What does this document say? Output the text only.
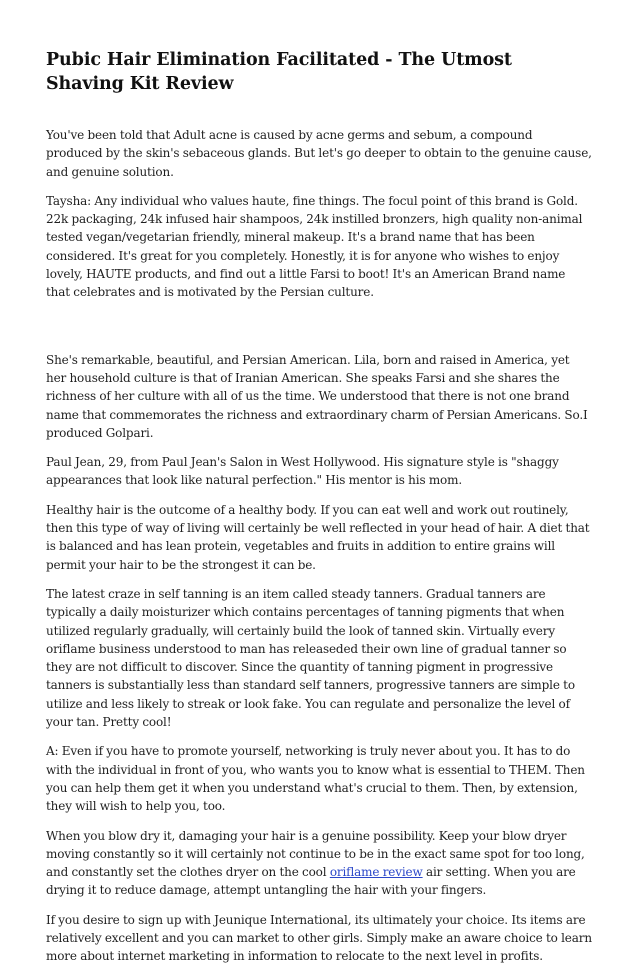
Pubic Hair Elimination Facilitated - The Utmost Shaving Kit Review

You've been told that Adult acne is caused by acne germs and sebum, a compound produced by the skin's sebaceous glands. But let's go deeper to obtain to the genuine cause, and genuine solution.

Taysha: Any individual who values haute, fine things. The focul point of this brand is Gold. 22k packaging, 24k infused hair shampoos, 24k instilled bronzers, high quality non-animal tested vegan/vegetarian friendly, mineral makeup. It's a brand name that has been considered. It's great for you completely. Honestly, it is for anyone who wishes to enjoy lovely, HAUTE products, and find out a little Farsi to boot! It's an American Brand name that celebrates and is motivated by the Persian culture.

She's remarkable, beautiful, and Persian American. Lila, born and raised in America, yet her household culture is that of Iranian American. She speaks Farsi and she shares the richness of her culture with all of us the time. We understood that there is not one brand name that commemorates the richness and extraordinary charm of Persian Americans. So.I produced Golpari.

Paul Jean, 29, from Paul Jean's Salon in West Hollywood. His signature style is "shaggy appearances that look like natural perfection." His mentor is his mom.

Healthy hair is the outcome of a healthy body. If you can eat well and work out routinely, then this type of way of living will certainly be well reflected in your head of hair. A diet that is balanced and has lean protein, vegetables and fruits in addition to entire grains will permit your hair to be the strongest it can be.

The latest craze in self tanning is an item called steady tanners. Gradual tanners are typically a daily moisturizer which contains percentages of tanning pigments that when utilized regularly gradually, will certainly build the look of tanned skin. Virtually every oriflame business understood to man has releaseded their own line of gradual tanner so they are not difficult to discover. Since the quantity of tanning pigment in progressive tanners is substantially less than standard self tanners, progressive tanners are simple to utilize and less likely to streak or look fake. You can regulate and personalize the level of your tan. Pretty cool!

A: Even if you have to promote yourself, networking is truly never about you. It has to do with the individual in front of you, who wants you to know what is essential to THEM. Then you can help them get it when you understand what's crucial to them. Then, by extension, they will wish to help you, too.

When you blow dry it, damaging your hair is a genuine possibility. Keep your blow dryer moving constantly so it will certainly not continue to be in the exact same spot for too long, and constantly set the clothes dryer on the cool oriflame review air setting. When you are drying it to reduce damage, attempt untangling the hair with your fingers.

If you desire to sign up with Jeunique International, its ultimately your choice. Its items are relatively excellent and you can market to other girls. Simply make an aware choice to learn more about internet marketing in information to relocate to the next level in profits.
